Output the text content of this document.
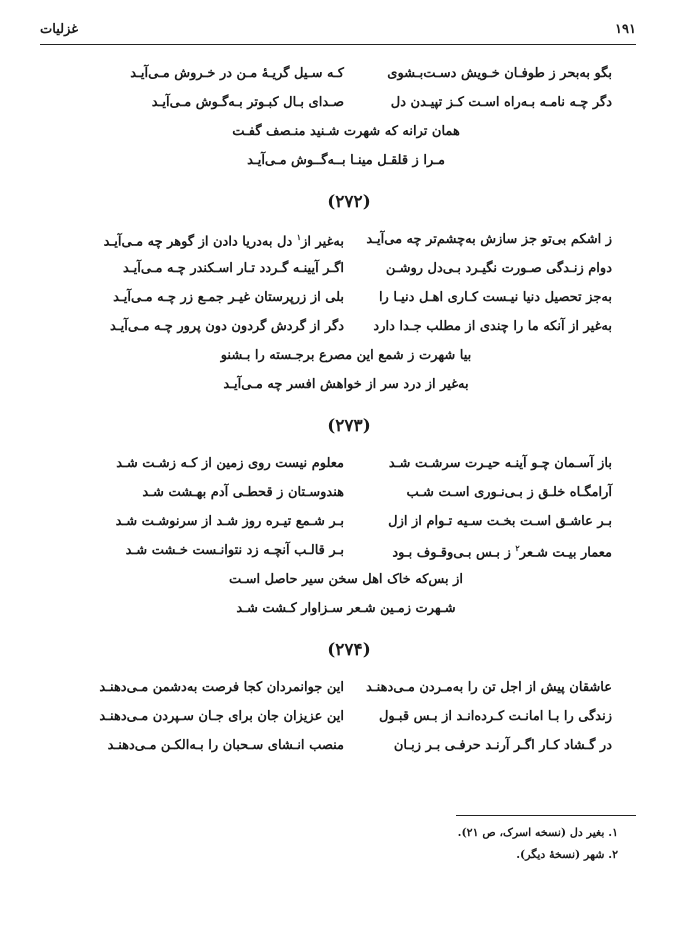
۱۹۱
غزلیات
بگو به‌بحر ز طوفـان خـویش دسـت‌بـشوی
کـه سـیل گریـهٔ مـن در خـروش مـی‌آیـد
دگر چـه نامـه بـه‌راه اسـت کـز تپیـدن دل
صـدای بـال کبـوتر بـه‌گـوش مـی‌آیـد
همان ترانه که شهرت شـنید منـصف گفـت
مـرا ز قلقـل مینـا بــه‌گــوش مـی‌آیـد
(۲۷۲)
ز اشکم بی‌تو جز سازش به‌چشم‌تر چه می‌آیـد
به‌غیر از$^۱$ دل به‌دریا دادن از گوهر چه مـی‌آیـد
دوام زنـدگی صـورت نگیـرد بـی‌دل روشـن
اگـر آیینـه گـردد تـار اسـکندر چـه مـی‌آیـد
به‌جز تحصیل دنیا نیـست کـاری اهـل دنیـا را
بلی از زرپرستان غیـر جمـع زر چـه مـی‌آیـد
به‌غیر از آنکه ما را چندی از مطلب جـدا دارد
دگر از گردش گردون دون پرور چـه مـی‌آیـد
بیا شهرت ز شمع این مصرع برجـسته را بـشنو
به‌غیر از درد سر از خواهش افسر چه مـی‌آیـد
(۲۷۳)
باز آسـمان چـو آینـه حیـرت سرشـت شـد
معلوم نیست روی زمین از کـه زشـت شـد
آرامگـاه خلـق ز بـی‌نـوری اسـت شـب
هندوسـتان ز قحطـی آدم بهـشت شـد
بـر عاشـق اسـت بخـت سـیه تـوام از ازل
بـر شـمع تیـره روز شـد از سرنوشـت شـد
معمار بیـت شـعر$^۲$ ز بـس بـی‌وقـوف بـود
بـر قالـب آنچـه زد نتوانـست خـشت شـد
از بس‌که خاک اهل سخن سیر حاصل اسـت
شـهرت زمـین شـعر سـزاوار کـشت شـد
(۲۷۴)
عاشقان پیش از اجل تن را به‌مـردن مـی‌دهنـد
این جوانمردان کجا فرصت به‌دشمن مـی‌دهنـد
زندگی را بـا امانـت کـرده‌انـد از بـس قبـول
این عزیزان جان برای جـان سـپردن مـی‌دهنـد
در گـشاد کـار اگـر آرنـد حرفـی بـر زبـان
منصب انـشای سـحبان را بـه‌الکـن مـی‌دهنـد
۱. بغیر دل (نسخه اسرک، ص ۲۱).
۲. شهر (نسخهٔ دیگر).
